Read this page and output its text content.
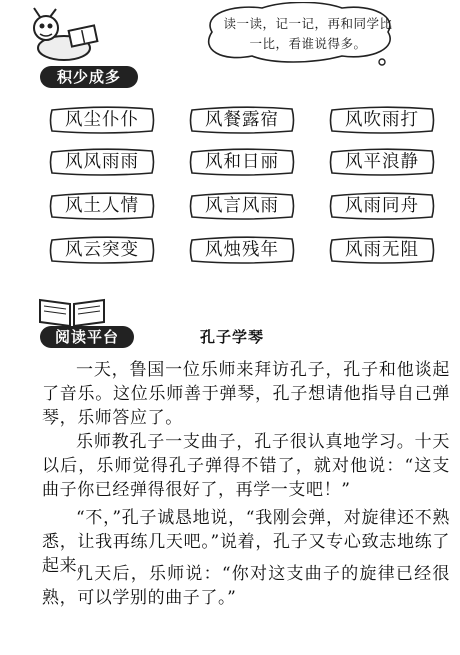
读一读，记一记，再和同学比一比，看谁说得多。
积少成多
风尘仆仆	风餐露宿	风吹雨打
风风雨雨	风和日丽	风平浪静
风土人情	风言风雨	风雨同舟
风云突变	风烛残年	风雨无阻
阅读平台	孔子学琴
一天，鲁国一位乐师来拜访孔子，孔子和他谈起了音乐。这位乐师善于弹琴，孔子想请他指导自己弹琴，乐师答应了。
乐师教孔子一支曲子，孔子很认真地学习。十天以后，乐师觉得孔子弹得不错了，就对他说：“这支曲子你已经弹得很好了，再学一支吧！”
“不，”孔子诚恳地说，“我刚会弹，对旋律还不熟悉，让我再练几天吧。”说着，孔子又专心致志地练了起来。
几天后，乐师说：“你对这支曲子的旋律已经很熟，可以学别的曲子了。”
